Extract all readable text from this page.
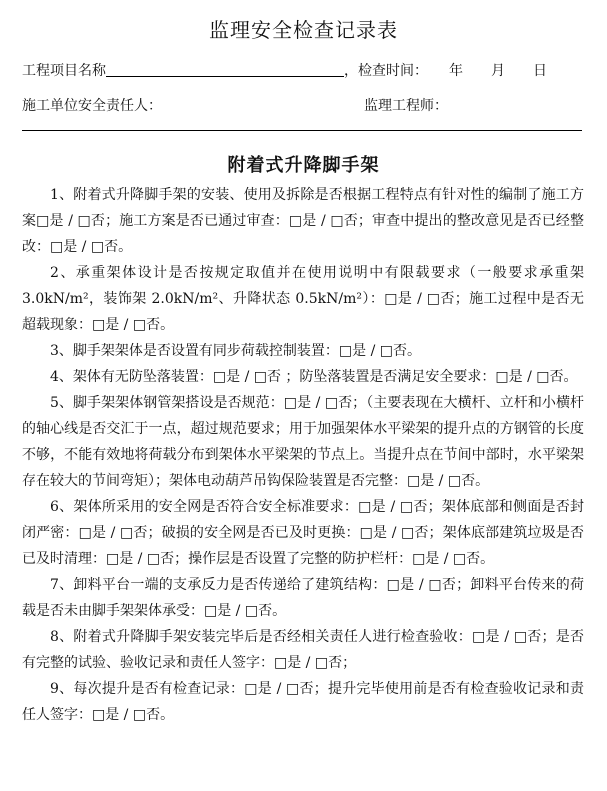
监理安全检查记录表
工程项目名称	，检查时间：　　年　　月　　日
施工单位安全责任人：	监理工程师：
附着式升降脚手架

1、附着式升降脚手架的安装、使用及拆除是否根据工程特点有针对性的编制了施工方案□是 / □否；施工方案是否已通过审查：□是 / □否；审查中提出的整改意见是否已经整改：□是 / □否。

2、承重架体设计是否按规定取值并在使用说明中有限载要求（一般要求承重架3.0kN/m²，装饰架 2.0kN/m²、升降状态 0.5kN/m²）：□是 / □否；施工过程中是否无超载现象：□是 / □否。

3、脚手架架体是否设置有同步荷载控制装置：□是 / □否。

4、架体有无防坠落装置：□是 / □否 ；防坠落装置是否满足安全要求：□是 / □否。

5、脚手架架体钢管架搭设是否规范：□是 / □否；（主要表现在大横杆、立杆和小横杆的轴心线是否交汇于一点，超过规范要求；用于加强架体水平梁架的提升点的方钢管的长度不够，不能有效地将荷载分布到架体水平梁架的节点上。当提升点在节间中部时，水平梁架存在较大的节间弯矩）；架体电动葫芦吊钩保险装置是否完整：□是 / □否。

6、架体所采用的安全网是否符合安全标准要求：□是 / □否；架体底部和侧面是否封闭严密：□是 / □否；破损的安全网是否已及时更换：□是 / □否；架体底部建筑垃圾是否已及时清理：□是 / □否；操作层是否设置了完整的防护栏杆：□是 / □否。

7、卸料平台一端的支承反力是否传递给了建筑结构：□是 / □否；卸料平台传来的荷载是否未由脚手架架体承受：□是 / □否。

8、附着式升降脚手架安装完毕后是否经相关责任人进行检查验收：□是 / □否；是否有完整的试验、验收记录和责任人签字：□是 / □否；

9、每次提升是否有检查记录：□是 / □否；提升完毕使用前是否有检查验收记录和责任人签字：□是 / □否。
